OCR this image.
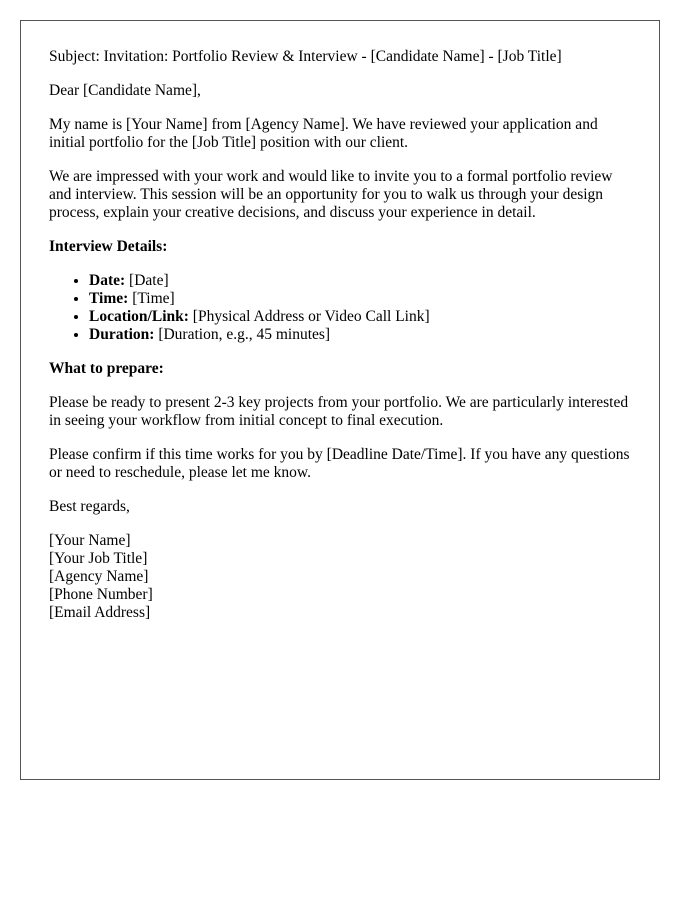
Subject: Invitation: Portfolio Review & Interview - [Candidate Name] - [Job Title]

Dear [Candidate Name],

My name is [Your Name] from [Agency Name]. We have reviewed your application and initial portfolio for the [Job Title] position with our client.

We are impressed with your work and would like to invite you to a formal portfolio review and interview. This session will be an opportunity for you to walk us through your design process, explain your creative decisions, and discuss your experience in detail.

Interview Details:

• Date: [Date]
• Time: [Time]
• Location/Link: [Physical Address or Video Call Link]
• Duration: [Duration, e.g., 45 minutes]

What to prepare:

Please be ready to present 2-3 key projects from your portfolio. We are particularly interested in seeing your workflow from initial concept to final execution.

Please confirm if this time works for you by [Deadline Date/Time]. If you have any questions or need to reschedule, please let me know.

Best regards,

[Your Name]
[Your Job Title]
[Agency Name]
[Phone Number]
[Email Address]
